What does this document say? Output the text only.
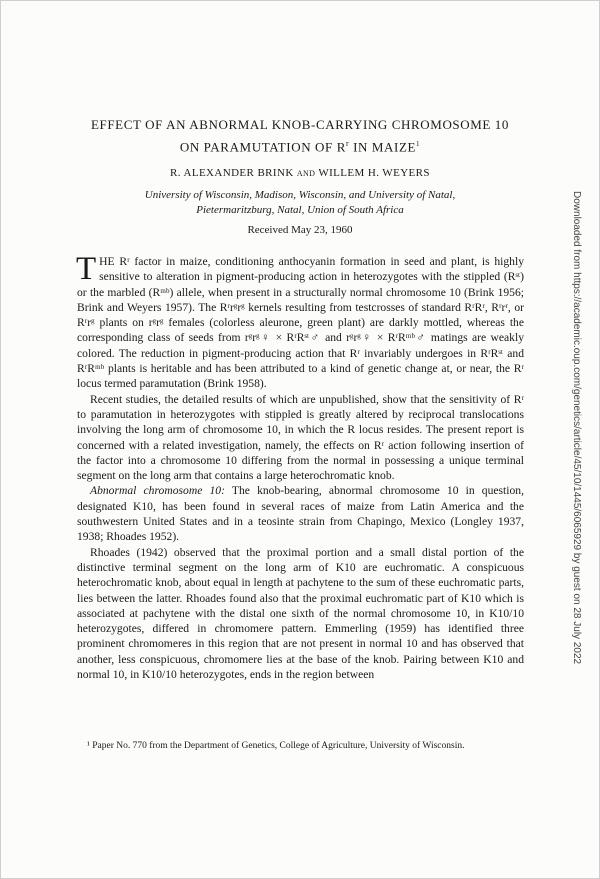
EFFECT OF AN ABNORMAL KNOB-CARRYING CHROMOSOME 10
ON PARAMUTATION OF $R^r$ IN MAIZE$^1$
R. ALEXANDER BRINK AND WILLEM H. WEYERS
University of Wisconsin, Madison, Wisconsin, and University of Natal,
Pietermaritzburg, Natal, Union of South Africa
Received May 23, 1960

THE Rʳ factor in maize, conditioning anthocyanin formation in seed and plant, is highly sensitive to alteration in pigment-producing action in heterozygotes with the stippled (Rˢᵗ) or the marbled (Rᵐᵇ) allele, when present in a structurally normal chromosome 10 (Brink 1956; Brink and Weyers 1957). The Rʳrᵍrᵍ kernels resulting from testcrosses of standard RʳRʳ, Rʳrʳ, or Rʳrᵍ plants on rᵍrᵍ females (colorless aleurone, green plant) are darkly mottled, whereas the corresponding class of seeds from rᵍrᵍ♀ × RʳRˢᵗ♂ and rᵍrᵍ♀ × RʳRᵐᵇ♂ matings are weakly colored. The reduction in pigment-producing action that Rʳ invariably undergoes in RʳRˢᵗ and RʳRᵐᵇ plants is heritable and has been attributed to a kind of genetic change at, or near, the Rʳ locus termed paramutation (Brink 1958).

Recent studies, the detailed results of which are unpublished, show that the sensitivity of Rʳ to paramutation in heterozygotes with stippled is greatly altered by reciprocal translocations involving the long arm of chromosome 10, in which the R locus resides. The present report is concerned with a related investigation, namely, the effects on Rʳ action following insertion of the factor into a chromosome 10 differing from the normal in possessing a unique terminal segment on the long arm that contains a large heterochromatic knob.

Abnormal chromosome 10: The knob-bearing, abnormal chromosome 10 in question, designated K10, has been found in several races of maize from Latin America and the southwestern United States and in a teosinte strain from Chapingo, Mexico (Longley 1937, 1938; Rhoades 1952).

Rhoades (1942) observed that the proximal portion and a small distal portion of the distinctive terminal segment on the long arm of K10 are euchromatic. A conspicuous heterochromatic knob, about equal in length at pachytene to the sum of these euchromatic parts, lies between the latter. Rhoades found also that the proximal euchromatic part of K10 which is associated at pachytene with the distal one sixth of the normal chromosome 10, in K10/10 heterozygotes, differed in chromomere pattern. Emmerling (1959) has identified three prominent chromomeres in this region that are not present in normal 10 and has observed that another, less conspicuous, chromomere lies at the base of the knob. Pairing between K10 and normal 10, in K10/10 heterozygotes, ends in the region between

¹ Paper No. 770 from the Department of Genetics, College of Agriculture, University of Wisconsin.
Downloaded from https://academic.oup.com/genetics/article/45/10/1445/6065929 by guest on 28 July 2022
